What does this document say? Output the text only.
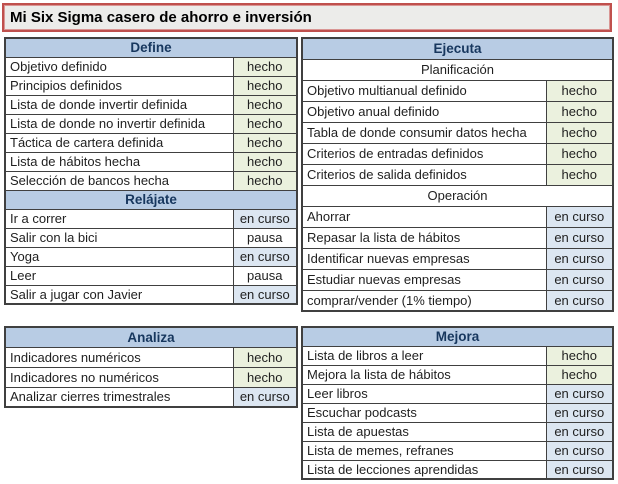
Mi Six Sigma casero de ahorro e inversión
Define	
Objetivo definido	hecho
Principios definidos	hecho
Lista de donde invertir definida	hecho
Lista de donde no invertir definida	hecho
Táctica de cartera definida	hecho
Lista de hábitos hecha	hecho
Selección de bancos hecha	hecho
Relájate	
Ir a correr	en curso
Salir con la bici	pausa
Yoga	en curso
Leer	pausa
Salir a jugar con Javier	en curso
Ejecuta	
Planificación	
Objetivo multianual definido	hecho
Objetivo anual definido	hecho
Tabla de donde consumir datos hecha	hecho
Criterios de entradas definidos	hecho
Criterios de salida definidos	hecho
Operación	
Ahorrar	en curso
Repasar la lista de hábitos	en curso
Identificar nuevas empresas	en curso
Estudiar nuevas empresas	en curso
comprar/vender (1% tiempo)	en curso
Analiza	
Indicadores numéricos	hecho
Indicadores no numéricos	hecho
Analizar cierres trimestrales	en curso
Mejora	
Lista de libros a leer	hecho
Mejora la lista de hábitos	hecho
Leer libros	en curso
Escuchar podcasts	en curso
Lista de apuestas	en curso
Lista de memes, refranes	en curso
Lista de lecciones aprendidas	en curso
